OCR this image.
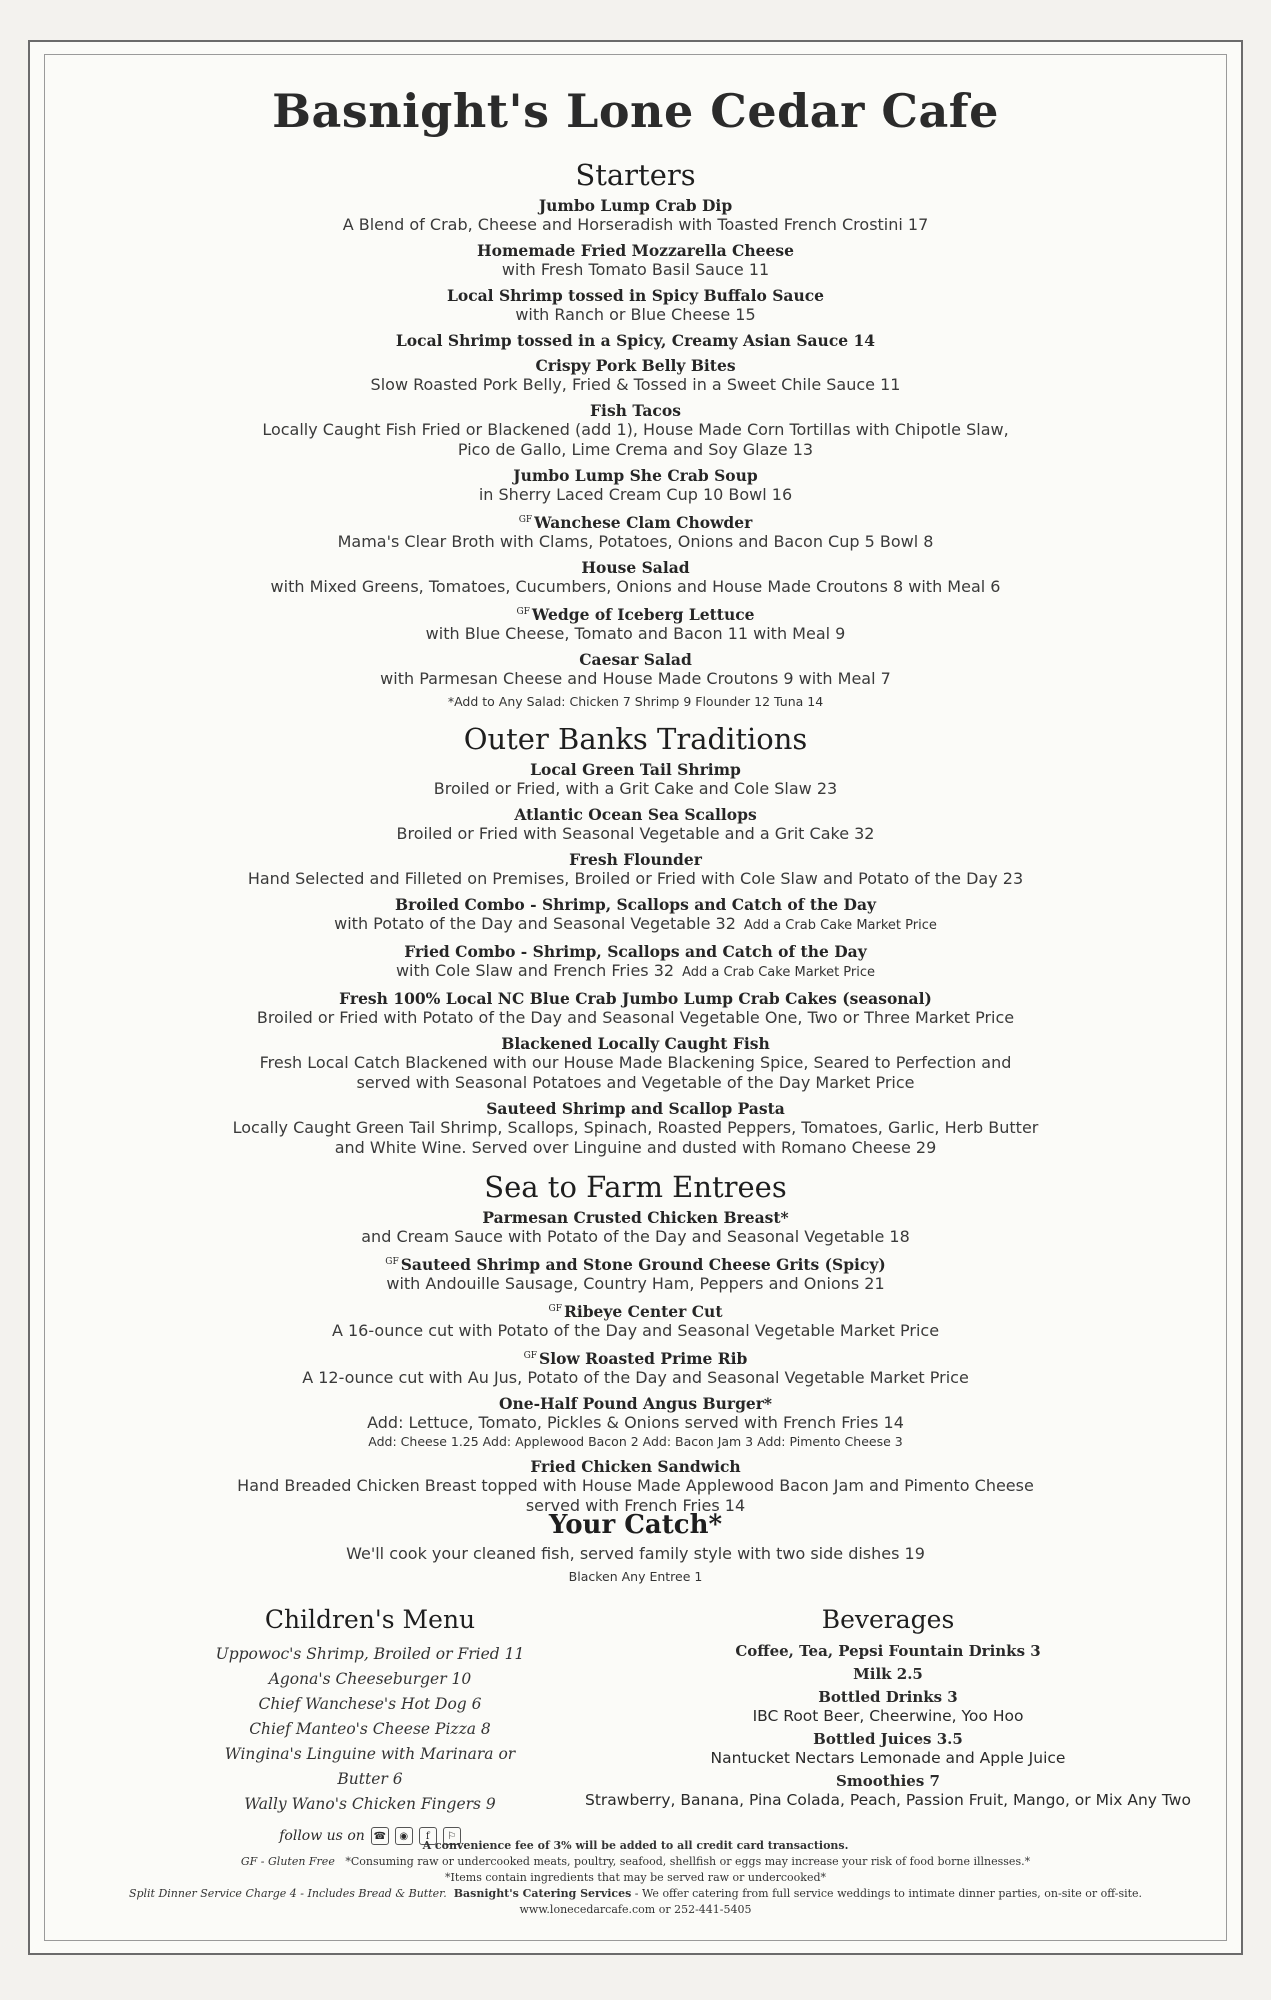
Basnight's Lone Cedar Cafe
Starters
Jumbo Lump Crab Dip
A Blend of Crab, Cheese and Horseradish with Toasted French Crostini 17
Homemade Fried Mozzarella Cheese
with Fresh Tomato Basil Sauce 11
Local Shrimp tossed in Spicy Buffalo Sauce
with Ranch or Blue Cheese 15
Local Shrimp tossed in a Spicy, Creamy Asian Sauce 14
Crispy Pork Belly Bites
Slow Roasted Pork Belly, Fried & Tossed in a Sweet Chile Sauce 11
Fish Tacos
Locally Caught Fish Fried or Blackened (add 1), House Made Corn Tortillas with Chipotle Slaw,
Pico de Gallo, Lime Crema and Soy Glaze 13
Jumbo Lump She Crab Soup
in Sherry Laced Cream Cup 10 Bowl 16
$^{GF}$ Wanchese Clam Chowder
Mama's Clear Broth with Clams, Potatoes, Onions and Bacon Cup 5 Bowl 8
House Salad
with Mixed Greens, Tomatoes, Cucumbers, Onions and House Made Croutons 8 with Meal 6
$^{GF}$ Wedge of Iceberg Lettuce
with Blue Cheese, Tomato and Bacon 11 with Meal 9
Caesar Salad
with Parmesan Cheese and House Made Croutons 9 with Meal 7
*Add to Any Salad: Chicken 7 Shrimp 9 Flounder 12 Tuna 14
Outer Banks Traditions
Local Green Tail Shrimp
Broiled or Fried, with a Grit Cake and Cole Slaw 23
Atlantic Ocean Sea Scallops
Broiled or Fried with Seasonal Vegetable and a Grit Cake 32
Fresh Flounder
Hand Selected and Filleted on Premises, Broiled or Fried with Cole Slaw and Potato of the Day 23
Broiled Combo - Shrimp, Scallops and Catch of the Day
with Potato of the Day and Seasonal Vegetable 32 Add a Crab Cake Market Price
Fried Combo - Shrimp, Scallops and Catch of the Day
with Cole Slaw and French Fries 32 Add a Crab Cake Market Price
Fresh 100% Local NC Blue Crab Jumbo Lump Crab Cakes (seasonal)
Broiled or Fried with Potato of the Day and Seasonal Vegetable One, Two or Three Market Price
Blackened Locally Caught Fish
Fresh Local Catch Blackened with our House Made Blackening Spice, Seared to Perfection and
served with Seasonal Potatoes and Vegetable of the Day Market Price
Sauteed Shrimp and Scallop Pasta
Locally Caught Green Tail Shrimp, Scallops, Spinach, Roasted Peppers, Tomatoes, Garlic, Herb Butter
and White Wine. Served over Linguine and dusted with Romano Cheese 29
Sea to Farm Entrees
Parmesan Crusted Chicken Breast*
and Cream Sauce with Potato of the Day and Seasonal Vegetable 18
$^{GF}$ Sauteed Shrimp and Stone Ground Cheese Grits (Spicy)
with Andouille Sausage, Country Ham, Peppers and Onions 21
$^{GF}$ Ribeye Center Cut
A 16-ounce cut with Potato of the Day and Seasonal Vegetable Market Price
$^{GF}$ Slow Roasted Prime Rib
A 12-ounce cut with Au Jus, Potato of the Day and Seasonal Vegetable Market Price
One-Half Pound Angus Burger*
Add: Lettuce, Tomato, Pickles & Onions served with French Fries 14
Add: Cheese 1.25 Add: Applewood Bacon 2 Add: Bacon Jam 3 Add: Pimento Cheese 3
Fried Chicken Sandwich
Hand Breaded Chicken Breast topped with House Made Applewood Bacon Jam and Pimento Cheese
served with French Fries 14
Your Catch*
We'll cook your cleaned fish, served family style with two side dishes 19
Blacken Any Entree 1
Children's Menu
Uppowoc's Shrimp, Broiled or Fried 11
Agona's Cheeseburger 10
Chief Wanchese's Hot Dog 6
Chief Manteo's Cheese Pizza 8
Wingina's Linguine with Marinara or Butter 6
Wally Wano's Chicken Fingers 9
follow us on ☎	◉	f	⚐
Beverages
Coffee, Tea, Pepsi Fountain Drinks 3
Milk 2.5
Bottled Drinks 3
IBC Root Beer, Cheerwine, Yoo Hoo
Bottled Juices 3.5
Nantucket Nectars Lemonade and Apple Juice
Smoothies 7
Strawberry, Banana, Pina Colada, Peach, Passion Fruit, Mango, or Mix Any Two
A convenience fee of 3% will be added to all credit card transactions.
GF - Gluten Free *Consuming raw or undercooked meats, poultry, seafood, shellfish or eggs may increase your risk of food borne illnesses.*
*Items contain ingredients that may be served raw or undercooked*
Split Dinner Service Charge 4 - Includes Bread & Butter. Basnight's Catering Services - We offer catering from full service weddings to intimate dinner parties, on-site or off-site.
www.lonecedarcafe.com or 252-441-5405
